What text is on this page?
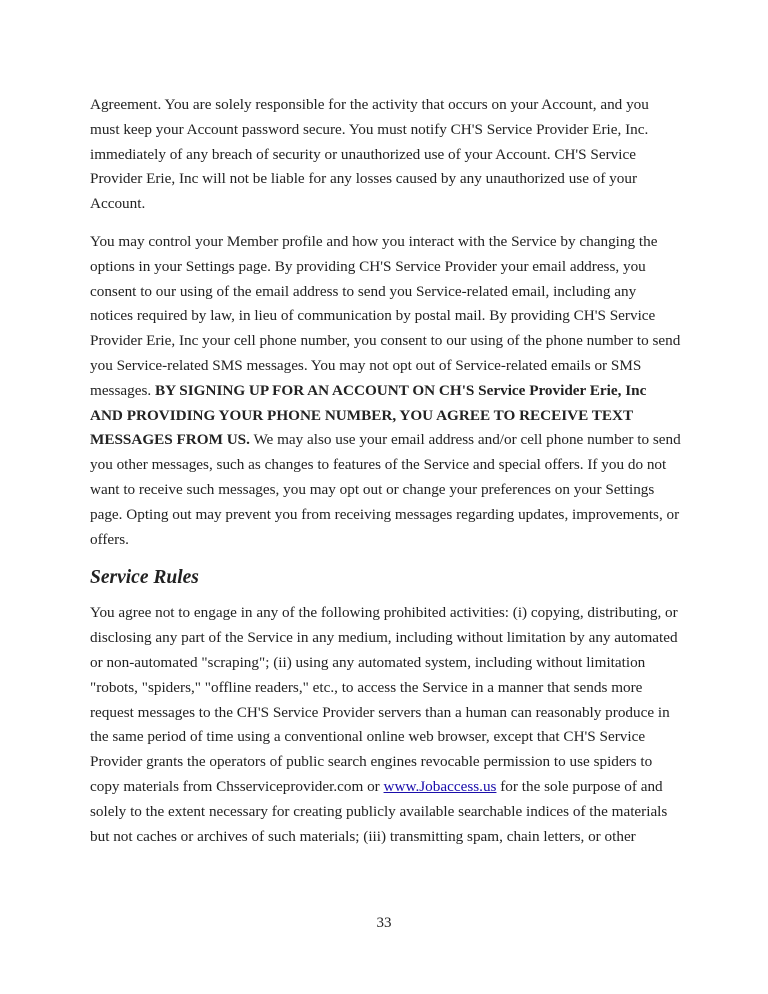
Agreement. You are solely responsible for the activity that occurs on your Account, and you must keep your Account password secure. You must notify CH'S Service Provider Erie, Inc. immediately of any breach of security or unauthorized use of your Account. CH'S Service Provider Erie, Inc will not be liable for any losses caused by any unauthorized use of your Account.

You may control your Member profile and how you interact with the Service by changing the options in your Settings page. By providing CH'S Service Provider your email address, you consent to our using of the email address to send you Service-related email, including any notices required by law, in lieu of communication by postal mail. By providing CH'S Service Provider Erie, Inc your cell phone number, you consent to our using of the phone number to send you Service-related SMS messages. You may not opt out of Service-related emails or SMS messages. BY SIGNING UP FOR AN ACCOUNT ON CH'S Service Provider Erie, Inc AND PROVIDING YOUR PHONE NUMBER, YOU AGREE TO RECEIVE TEXT MESSAGES FROM US. We may also use your email address and/or cell phone number to send you other messages, such as changes to features of the Service and special offers. If you do not want to receive such messages, you may opt out or change your preferences on your Settings page. Opting out may prevent you from receiving messages regarding updates, improvements, or offers.

Service Rules

You agree not to engage in any of the following prohibited activities: (i) copying, distributing, or disclosing any part of the Service in any medium, including without limitation by any automated or non-automated "scraping"; (ii) using any automated system, including without limitation "robots, "spiders," "offline readers," etc., to access the Service in a manner that sends more request messages to the CH'S Service Provider servers than a human can reasonably produce in the same period of time using a conventional online web browser, except that CH'S Service Provider grants the operators of public search engines revocable permission to use spiders to copy materials from Chsserviceprovider.com or www.Jobaccess.us for the sole purpose of and solely to the extent necessary for creating publicly available searchable indices of the materials but not caches or archives of such materials; (iii) transmitting spam, chain letters, or other

33
